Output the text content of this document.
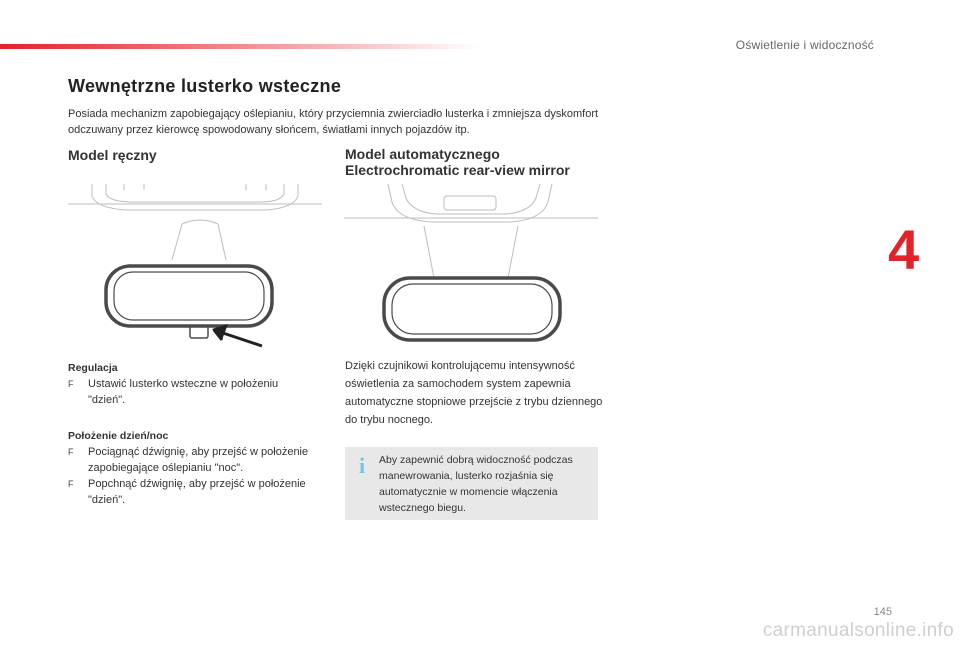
Oświetlenie i widoczność
4
Wewnętrzne lusterko wsteczne

Posiada mechanizm zapobiegający oślepianiu, który przyciemnia zwierciadło lusterka i zmniejsza dyskomfort odczuwany przez kierowcę spowodowany słońcem, światłami innych pojazdów itp.

Model ręczny
Regulacja
F	Ustawić lusterko wsteczne w położeniu "dzień".
Położenie dzień/noc
F	Pociągnąć dźwignię, aby przejść w położenie zapobiegające oślepianiu "noc".
F	Popchnąć dźwignię, aby przejść w położenie "dzień".
Model automatycznego
Electrochromatic rear-view mirror

Dzięki czujnikowi kontrolującemu intensywność oświetlenia za samochodem system zapewnia automatyczne stopniowe przejście z trybu dziennego do trybu nocnego.

i Aby zapewnić dobrą widoczność podczas manewrowania, lusterko rozjaśnia się automatycznie w momencie włączenia wstecznego biegu.

145
carmanualsonline.info
